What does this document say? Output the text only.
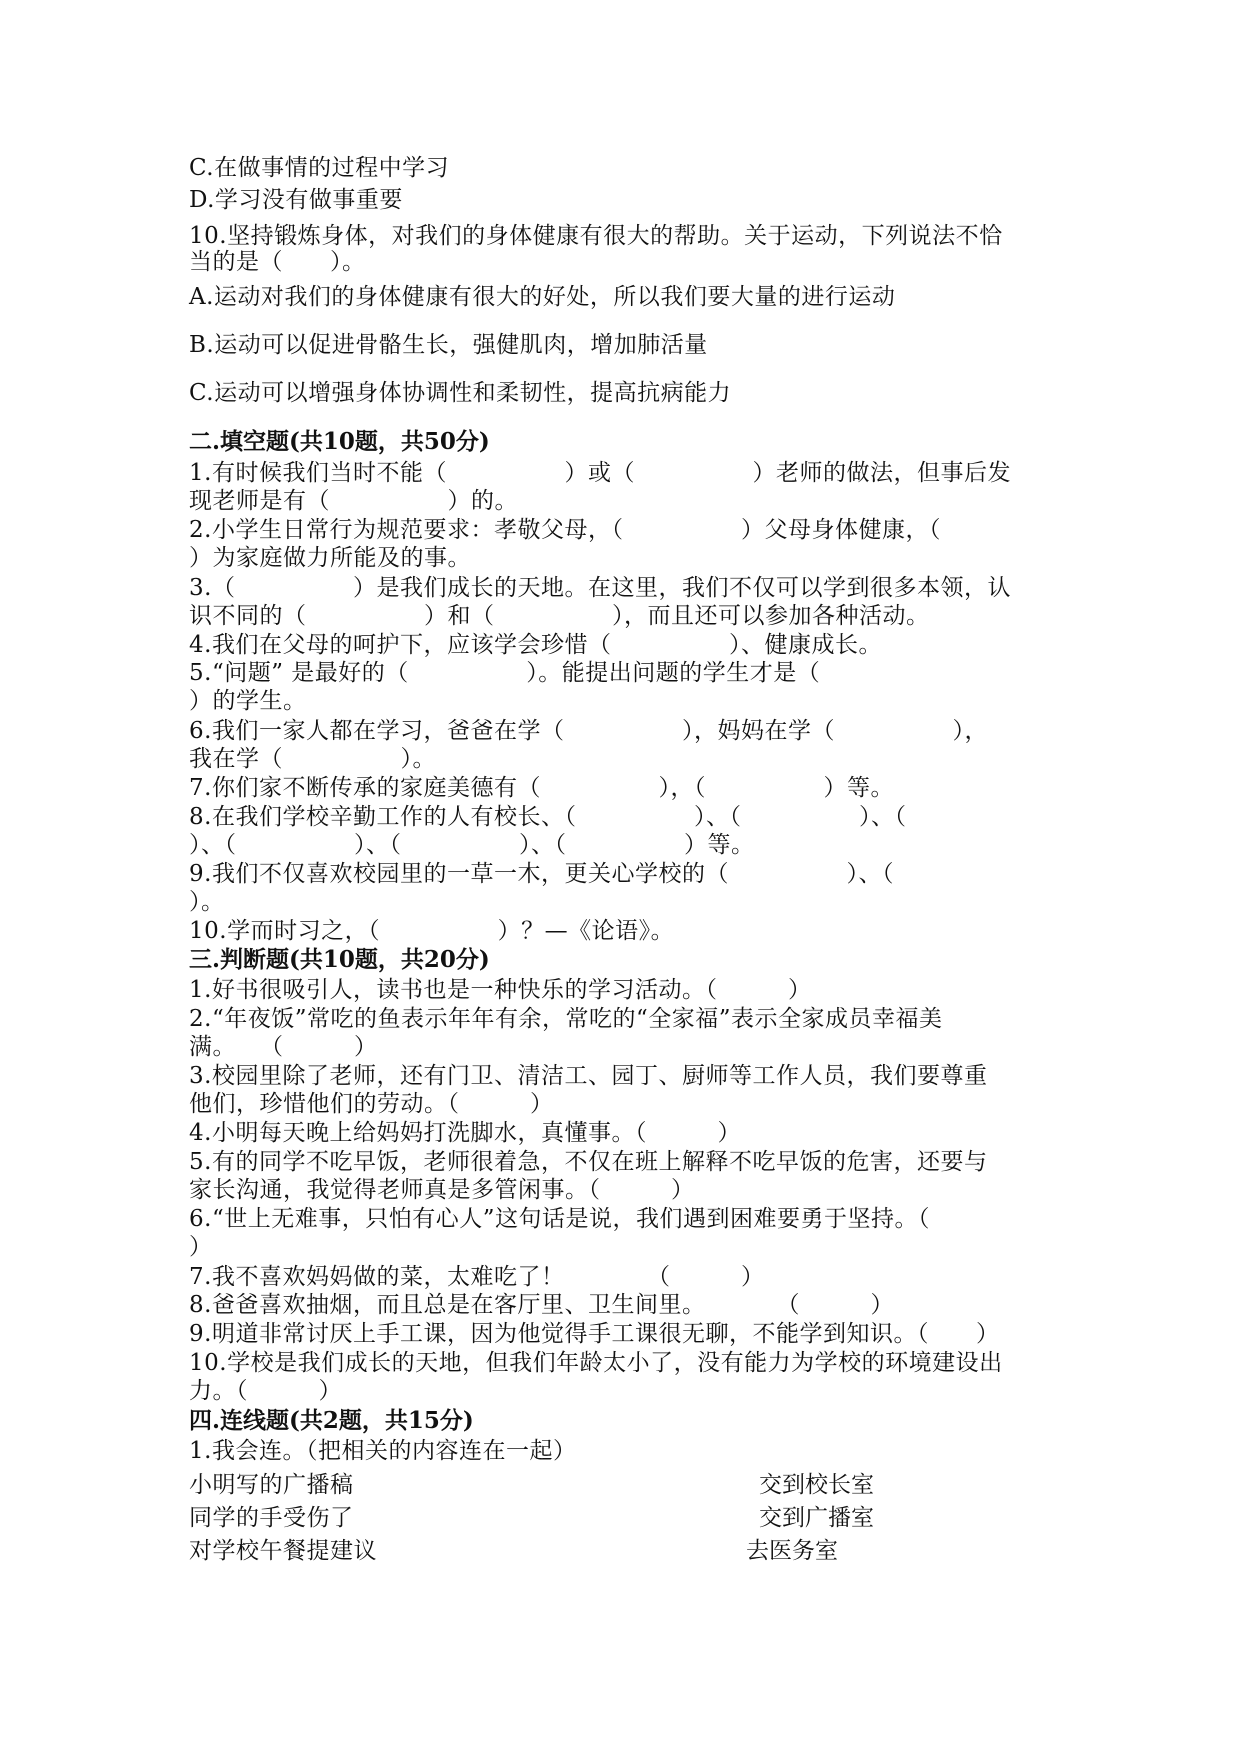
C.在做事情的过程中学习
D.学习没有做事重要
10.坚持锻炼身体，对我们的身体健康有很大的帮助。关于运动，下列说法不恰
当的是（　　）。
A.运动对我们的身体健康有很大的好处，所以我们要大量的进行运动
B.运动可以促进骨骼生长，强健肌肉，增加肺活量
C.运动可以增强身体协调性和柔韧性，提高抗病能力
二.填空题(共10题，共50分)
1.有时候我们当时不能（　　　　　）或（　　　　　）老师的做法，但事后发
现老师是有（　　　　　）的。
2.小学生日常行为规范要求：孝敬父母，（　　　　　）父母身体健康，（
）为家庭做力所能及的事。
3.（　　　　　）是我们成长的天地。在这里，我们不仅可以学到很多本领，认
识不同的（　　　　　）和（　　　　　），而且还可以参加各种活动。
4.我们在父母的呵护下，应该学会珍惜（　　　　　）、健康成长。
5.“问题” 是最好的（　　　　　）。能提出问题的学生才是（
）的学生。
6.我们一家人都在学习，爸爸在学（　　　　　），妈妈在学（　　　　　），
我在学（　　　　　）。
7.你们家不断传承的家庭美德有（　　　　　），（　　　　　）等。
8.在我们学校辛勤工作的人有校长、（　　　　　）、（　　　　　）、（
）、（　　　　　）、（　　　　　）、（　　　　　）等。
9.我们不仅喜欢校园里的一草一木，更关心学校的（　　　　　）、（
）。
10.学而时习之，（　　　　　）？—《论语》。
三.判断题(共10题，共20分)
1.好书很吸引人，读书也是一种快乐的学习活动。（　　　）
2.“年夜饭”常吃的鱼表示年年有余，常吃的“全家福”表示全家成员幸福美
满。　　（　　　）
3.校园里除了老师，还有门卫、清洁工、园丁、厨师等工作人员，我们要尊重
他们，珍惜他们的劳动。（　　　）
4.小明每天晚上给妈妈打洗脚水，真懂事。（　　　）
5.有的同学不吃早饭，老师很着急，不仅在班上解释不吃早饭的危害，还要与
家长沟通，我觉得老师真是多管闲事。（　　　）
6.“世上无难事，只怕有心人”这句话是说，我们遇到困难要勇于坚持。（
）
7.我不喜欢妈妈做的菜，太难吃了！　　　　（　　　）
8.爸爸喜欢抽烟，而且总是在客厅里、卫生间里。　　　　（　　　）
9.明道非常讨厌上手工课，因为他觉得手工课很无聊，不能学到知识。（　　）
10.学校是我们成长的天地，但我们年龄太小了，没有能力为学校的环境建设出
力。（　　　）
四.连线题(共2题，共15分)
1.我会连。（把相关的内容连在一起）
小明写的广播稿
同学的手受伤了
对学校午餐提建议
交到校长室
交到广播室
去医务室
